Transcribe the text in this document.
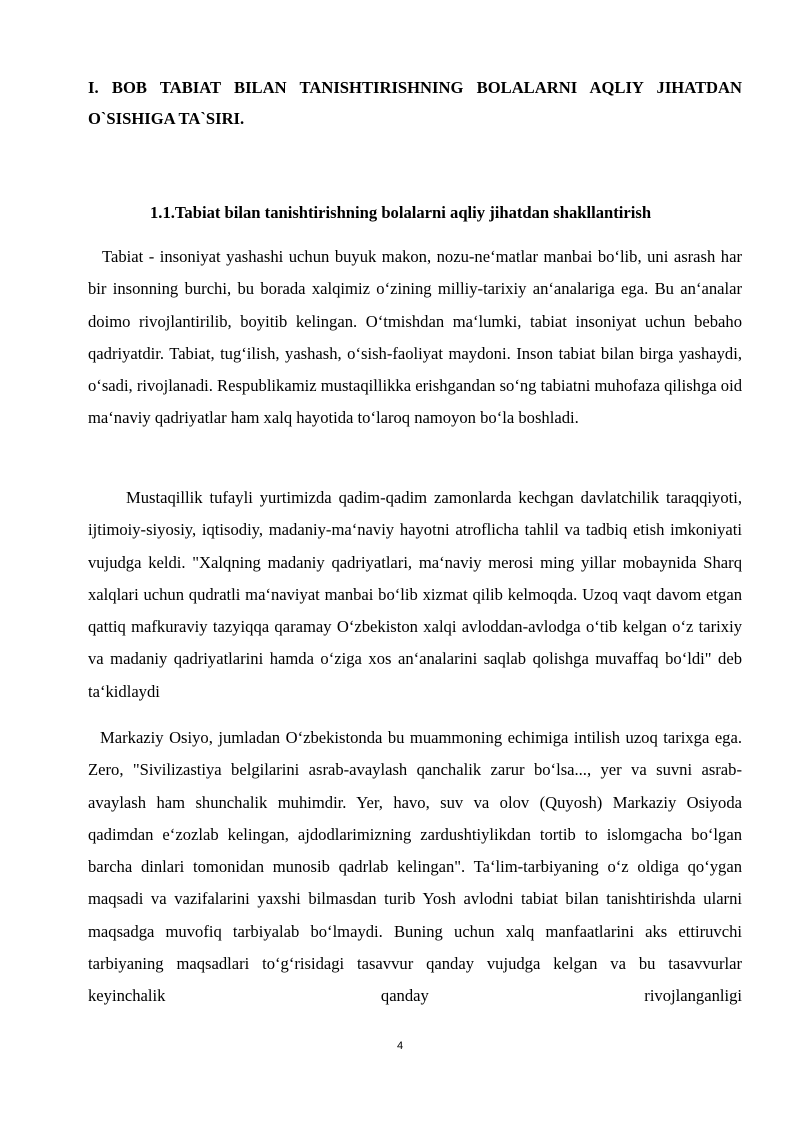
I. BOB TABIAT BILAN TANISHTIRISHNING BOLALARNI AQLIY JIHATDAN O`SISHIGA TA`SIRI.
1.1.Tabiat bilan tanishtirishning bolalarni aqliy jihatdan shakllantirish

Tabiat - insoniyat yashashi uchun buyuk makon, nozu-ne‘matlar manbai bo‘lib, uni asrash har bir insonning burchi, bu borada xalqimiz o‘zining milliy-tarixiy an‘analariga ega. Bu an‘analar doimo rivojlantirilib, boyitib kelingan. O‘tmishdan ma‘lumki, tabiat insoniyat uchun bebaho qadriyatdir. Tabiat, tug‘ilish, yashash, o‘sish-faoliyat maydoni. Inson tabiat bilan birga yashaydi, o‘sadi, rivojlanadi. Respublikamiz mustaqillikka erishgandan so‘ng tabiatni muhofaza qilishga oid ma‘naviy qadriyatlar ham xalq hayotida to‘laroq namoyon bo‘la boshladi.

Mustaqillik tufayli yurtimizda qadim-qadim zamonlarda kechgan davlatchilik taraqqiyoti, ijtimoiy-siyosiy, iqtisodiy, madaniy-ma‘naviy hayotni atroflicha tahlil va tadbiq etish imkoniyati vujudga keldi. "Xalqning madaniy qadriyatlari, ma‘naviy merosi ming yillar mobaynida Sharq xalqlari uchun qudratli ma‘naviyat manbai bo‘lib xizmat qilib kelmoqda. Uzoq vaqt davom etgan qattiq mafkuraviy tazyiqqa qaramay O‘zbekiston xalqi avloddan-avlodga o‘tib kelgan o‘z tarixiy va madaniy qadriyatlarini hamda o‘ziga xos an‘analarini saqlab qolishga muvaffaq bo‘ldi" deb ta‘kidlaydi

Markaziy Osiyo, jumladan O‘zbekistonda bu muammoning echimiga intilish uzoq tarixga ega. Zero, "Sivilizastiya belgilarini asrab-avaylash qanchalik zarur bo‘lsa..., yer va suvni asrab-avaylash ham shunchalik muhimdir. Yer, havo, suv va olov (Quyosh) Markaziy Osiyoda qadimdan e‘zozlab kelingan, ajdodlarimizning zardushtiylikdan tortib to islomgacha bo‘lgan barcha dinlari tomonidan munosib qadrlab kelingan". Ta‘lim-tarbiyaning o‘z oldiga qo‘ygan maqsadi va vazifalarini yaxshi bilmasdan turib Yosh avlodni tabiat bilan tanishtirishda ularni maqsadga muvofiq tarbiyalab bo‘lmaydi. Buning uchun xalq manfaatlarini aks ettiruvchi tarbiyaning maqsadlari to‘g‘risidagi tasavvur qanday vujudga kelgan va bu tasavvurlar keyinchalik qanday rivojlanganligi

4
